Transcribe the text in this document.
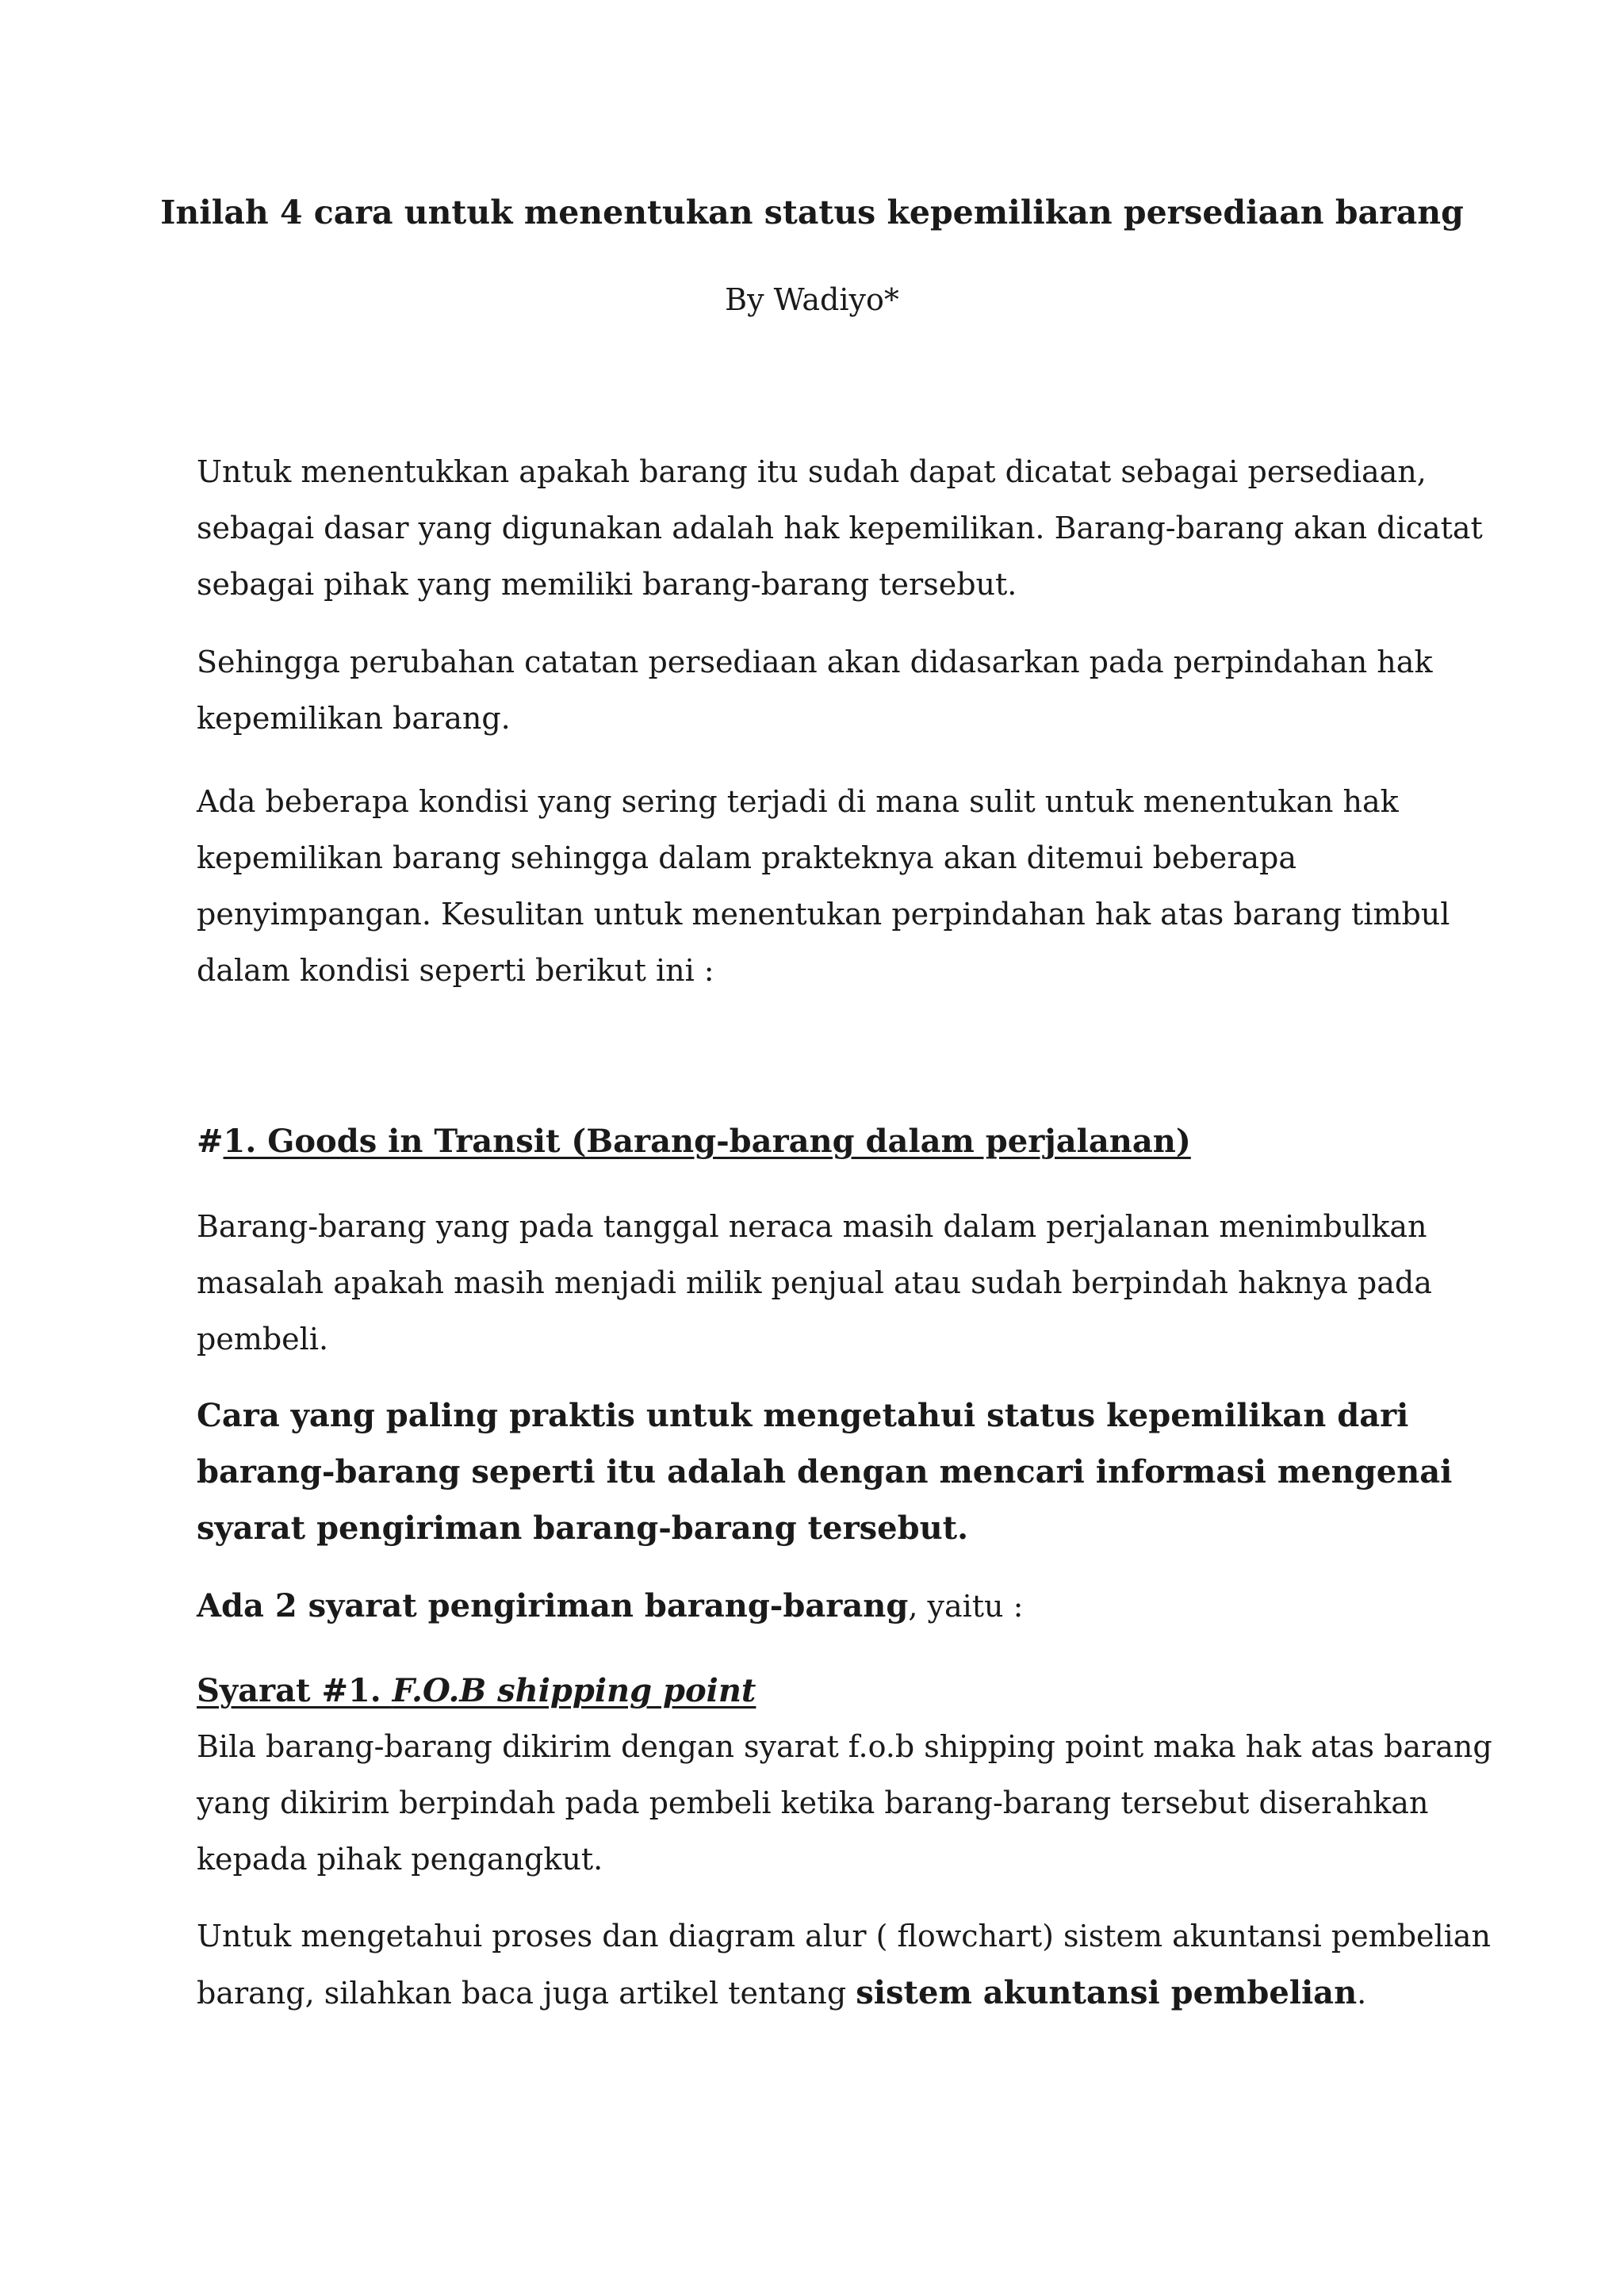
Inilah 4 cara untuk menentukan status kepemilikan persediaan barang

By Wadiyo*

Untuk menentukkan apakah barang itu sudah dapat dicatat sebagai persediaan,
sebagai dasar yang digunakan adalah hak kepemilikan. Barang-barang akan dicatat
sebagai pihak yang memiliki barang-barang tersebut.

Sehingga perubahan catatan persediaan akan didasarkan pada perpindahan hak
kepemilikan barang.

Ada beberapa kondisi yang sering terjadi di mana sulit untuk menentukan hak
kepemilikan barang sehingga dalam prakteknya akan ditemui beberapa
penyimpangan. Kesulitan untuk menentukan perpindahan hak atas barang timbul
dalam kondisi seperti berikut ini :

#1. Goods in Transit (Barang-barang dalam perjalanan)

Barang-barang yang pada tanggal neraca masih dalam perjalanan menimbulkan
masalah apakah masih menjadi milik penjual atau sudah berpindah haknya pada
pembeli.

Cara yang paling praktis untuk mengetahui status kepemilikan dari
barang-barang seperti itu adalah dengan mencari informasi mengenai
syarat pengiriman barang-barang tersebut.

Ada 2 syarat pengiriman barang-barang, yaitu :

Syarat #1. F.O.B shipping point
Bila barang-barang dikirim dengan syarat f.o.b shipping point maka hak atas barang
yang dikirim berpindah pada pembeli ketika barang-barang tersebut diserahkan
kepada pihak pengangkut.

Untuk mengetahui proses dan diagram alur ( flowchart) sistem akuntansi pembelian
barang, silahkan baca juga artikel tentang sistem akuntansi pembelian.
